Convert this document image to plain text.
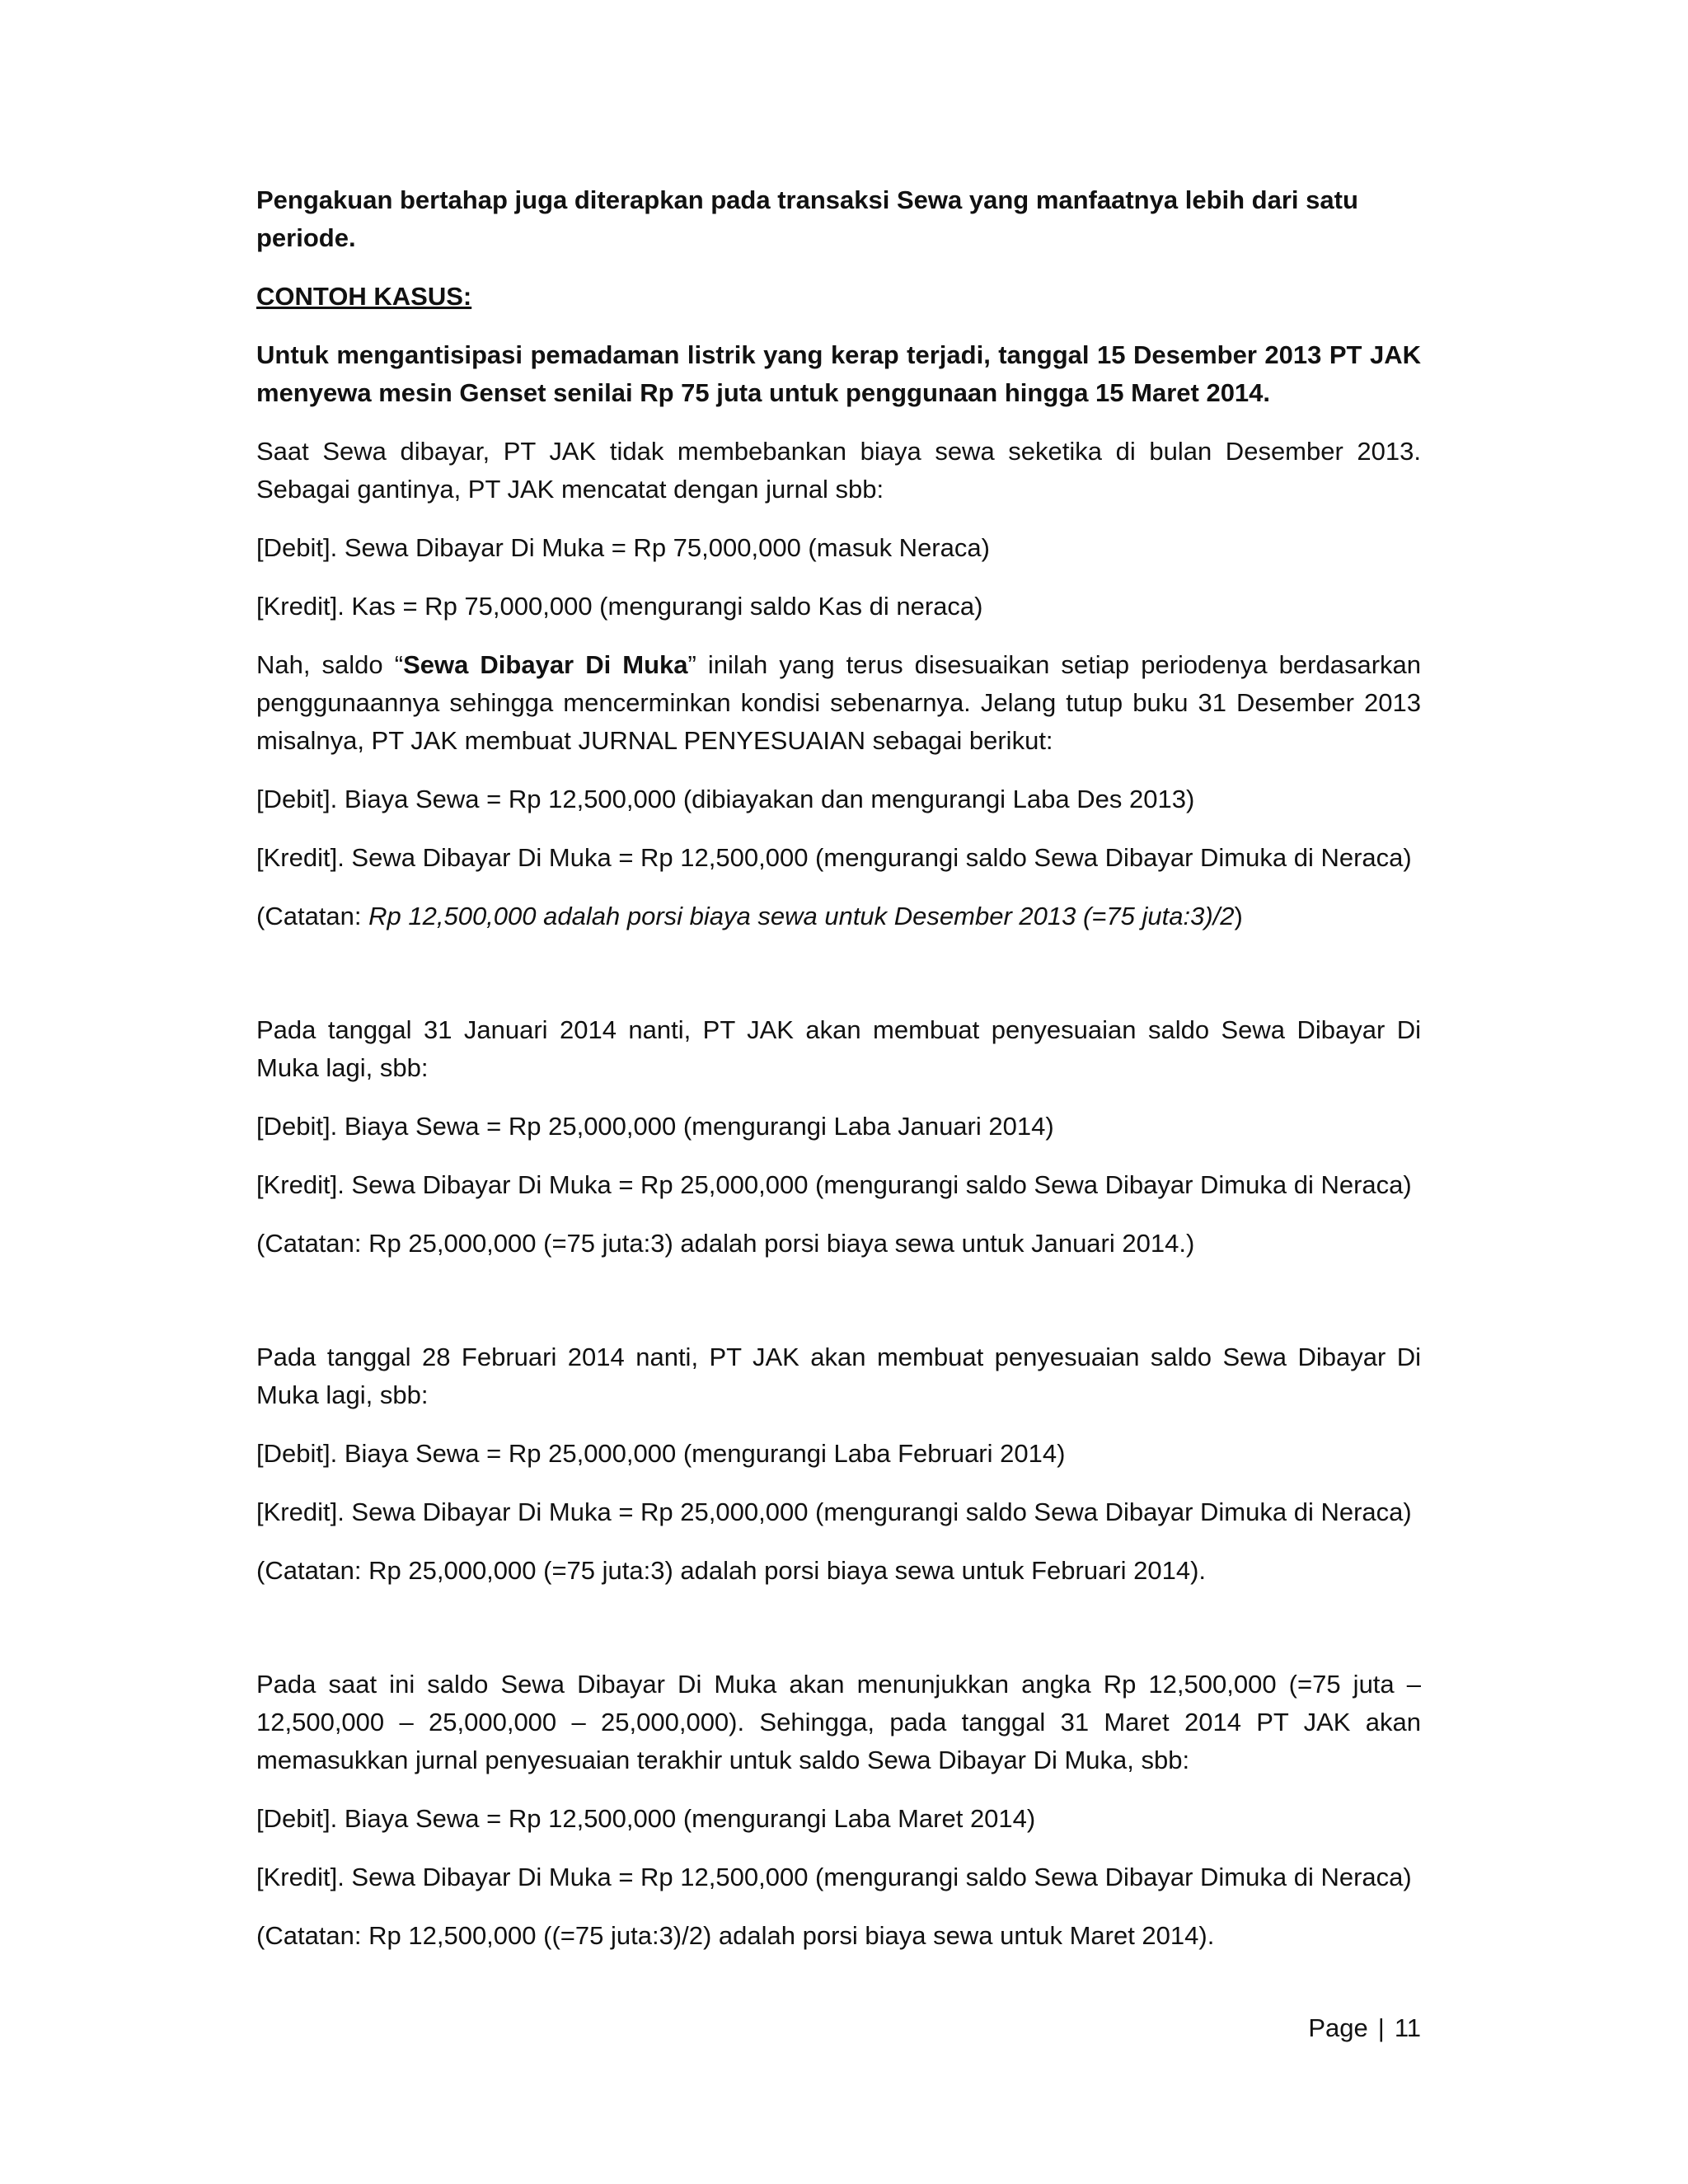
Pengakuan bertahap juga diterapkan pada transaksi Sewa yang manfaatnya lebih dari satu periode.

CONTOH KASUS:

Untuk mengantisipasi pemadaman listrik yang kerap terjadi, tanggal 15 Desember 2013 PT JAK menyewa mesin Genset senilai Rp 75 juta untuk penggunaan hingga 15 Maret 2014.

Saat Sewa dibayar, PT JAK tidak membebankan biaya sewa seketika di bulan Desember 2013. Sebagai gantinya, PT JAK mencatat dengan jurnal sbb:

[Debit]. Sewa Dibayar Di Muka = Rp 75,000,000 (masuk Neraca)

[Kredit]. Kas = Rp 75,000,000 (mengurangi saldo Kas di neraca)

Nah, saldo “Sewa Dibayar Di Muka” inilah yang terus disesuaikan setiap periodenya berdasarkan penggunaannya sehingga mencerminkan kondisi sebenarnya. Jelang tutup buku 31 Desember 2013 misalnya, PT JAK membuat JURNAL PENYESUAIAN sebagai berikut:

[Debit]. Biaya Sewa = Rp 12,500,000 (dibiayakan dan mengurangi Laba Des 2013)

[Kredit]. Sewa Dibayar Di Muka = Rp 12,500,000 (mengurangi saldo Sewa Dibayar Dimuka di Neraca)

(Catatan: Rp 12,500,000 adalah porsi biaya sewa untuk Desember 2013 (=75 juta:3)/2)

Pada tanggal 31 Januari 2014 nanti, PT JAK akan membuat penyesuaian saldo Sewa Dibayar Di Muka lagi, sbb:

[Debit]. Biaya Sewa = Rp 25,000,000 (mengurangi Laba Januari 2014)

[Kredit]. Sewa Dibayar Di Muka = Rp 25,000,000 (mengurangi saldo Sewa Dibayar Dimuka di Neraca)

(Catatan: Rp 25,000,000 (=75 juta:3) adalah porsi biaya sewa untuk Januari 2014.)

Pada tanggal 28 Februari 2014 nanti, PT JAK akan membuat penyesuaian saldo Sewa Dibayar Di Muka lagi, sbb:

[Debit]. Biaya Sewa = Rp 25,000,000 (mengurangi Laba Februari 2014)

[Kredit]. Sewa Dibayar Di Muka = Rp 25,000,000 (mengurangi saldo Sewa Dibayar Dimuka di Neraca)

(Catatan: Rp 25,000,000 (=75 juta:3) adalah porsi biaya sewa untuk Februari 2014).

Pada saat ini saldo Sewa Dibayar Di Muka akan menunjukkan angka Rp 12,500,000 (=75 juta – 12,500,000 – 25,000,000 – 25,000,000). Sehingga, pada tanggal 31 Maret 2014 PT JAK akan memasukkan jurnal penyesuaian terakhir untuk saldo Sewa Dibayar Di Muka, sbb:

[Debit]. Biaya Sewa = Rp 12,500,000 (mengurangi Laba Maret 2014)

[Kredit]. Sewa Dibayar Di Muka = Rp 12,500,000 (mengurangi saldo Sewa Dibayar Dimuka di Neraca)

(Catatan: Rp 12,500,000 ((=75 juta:3)/2) adalah porsi biaya sewa untuk Maret 2014).

Page | 11
